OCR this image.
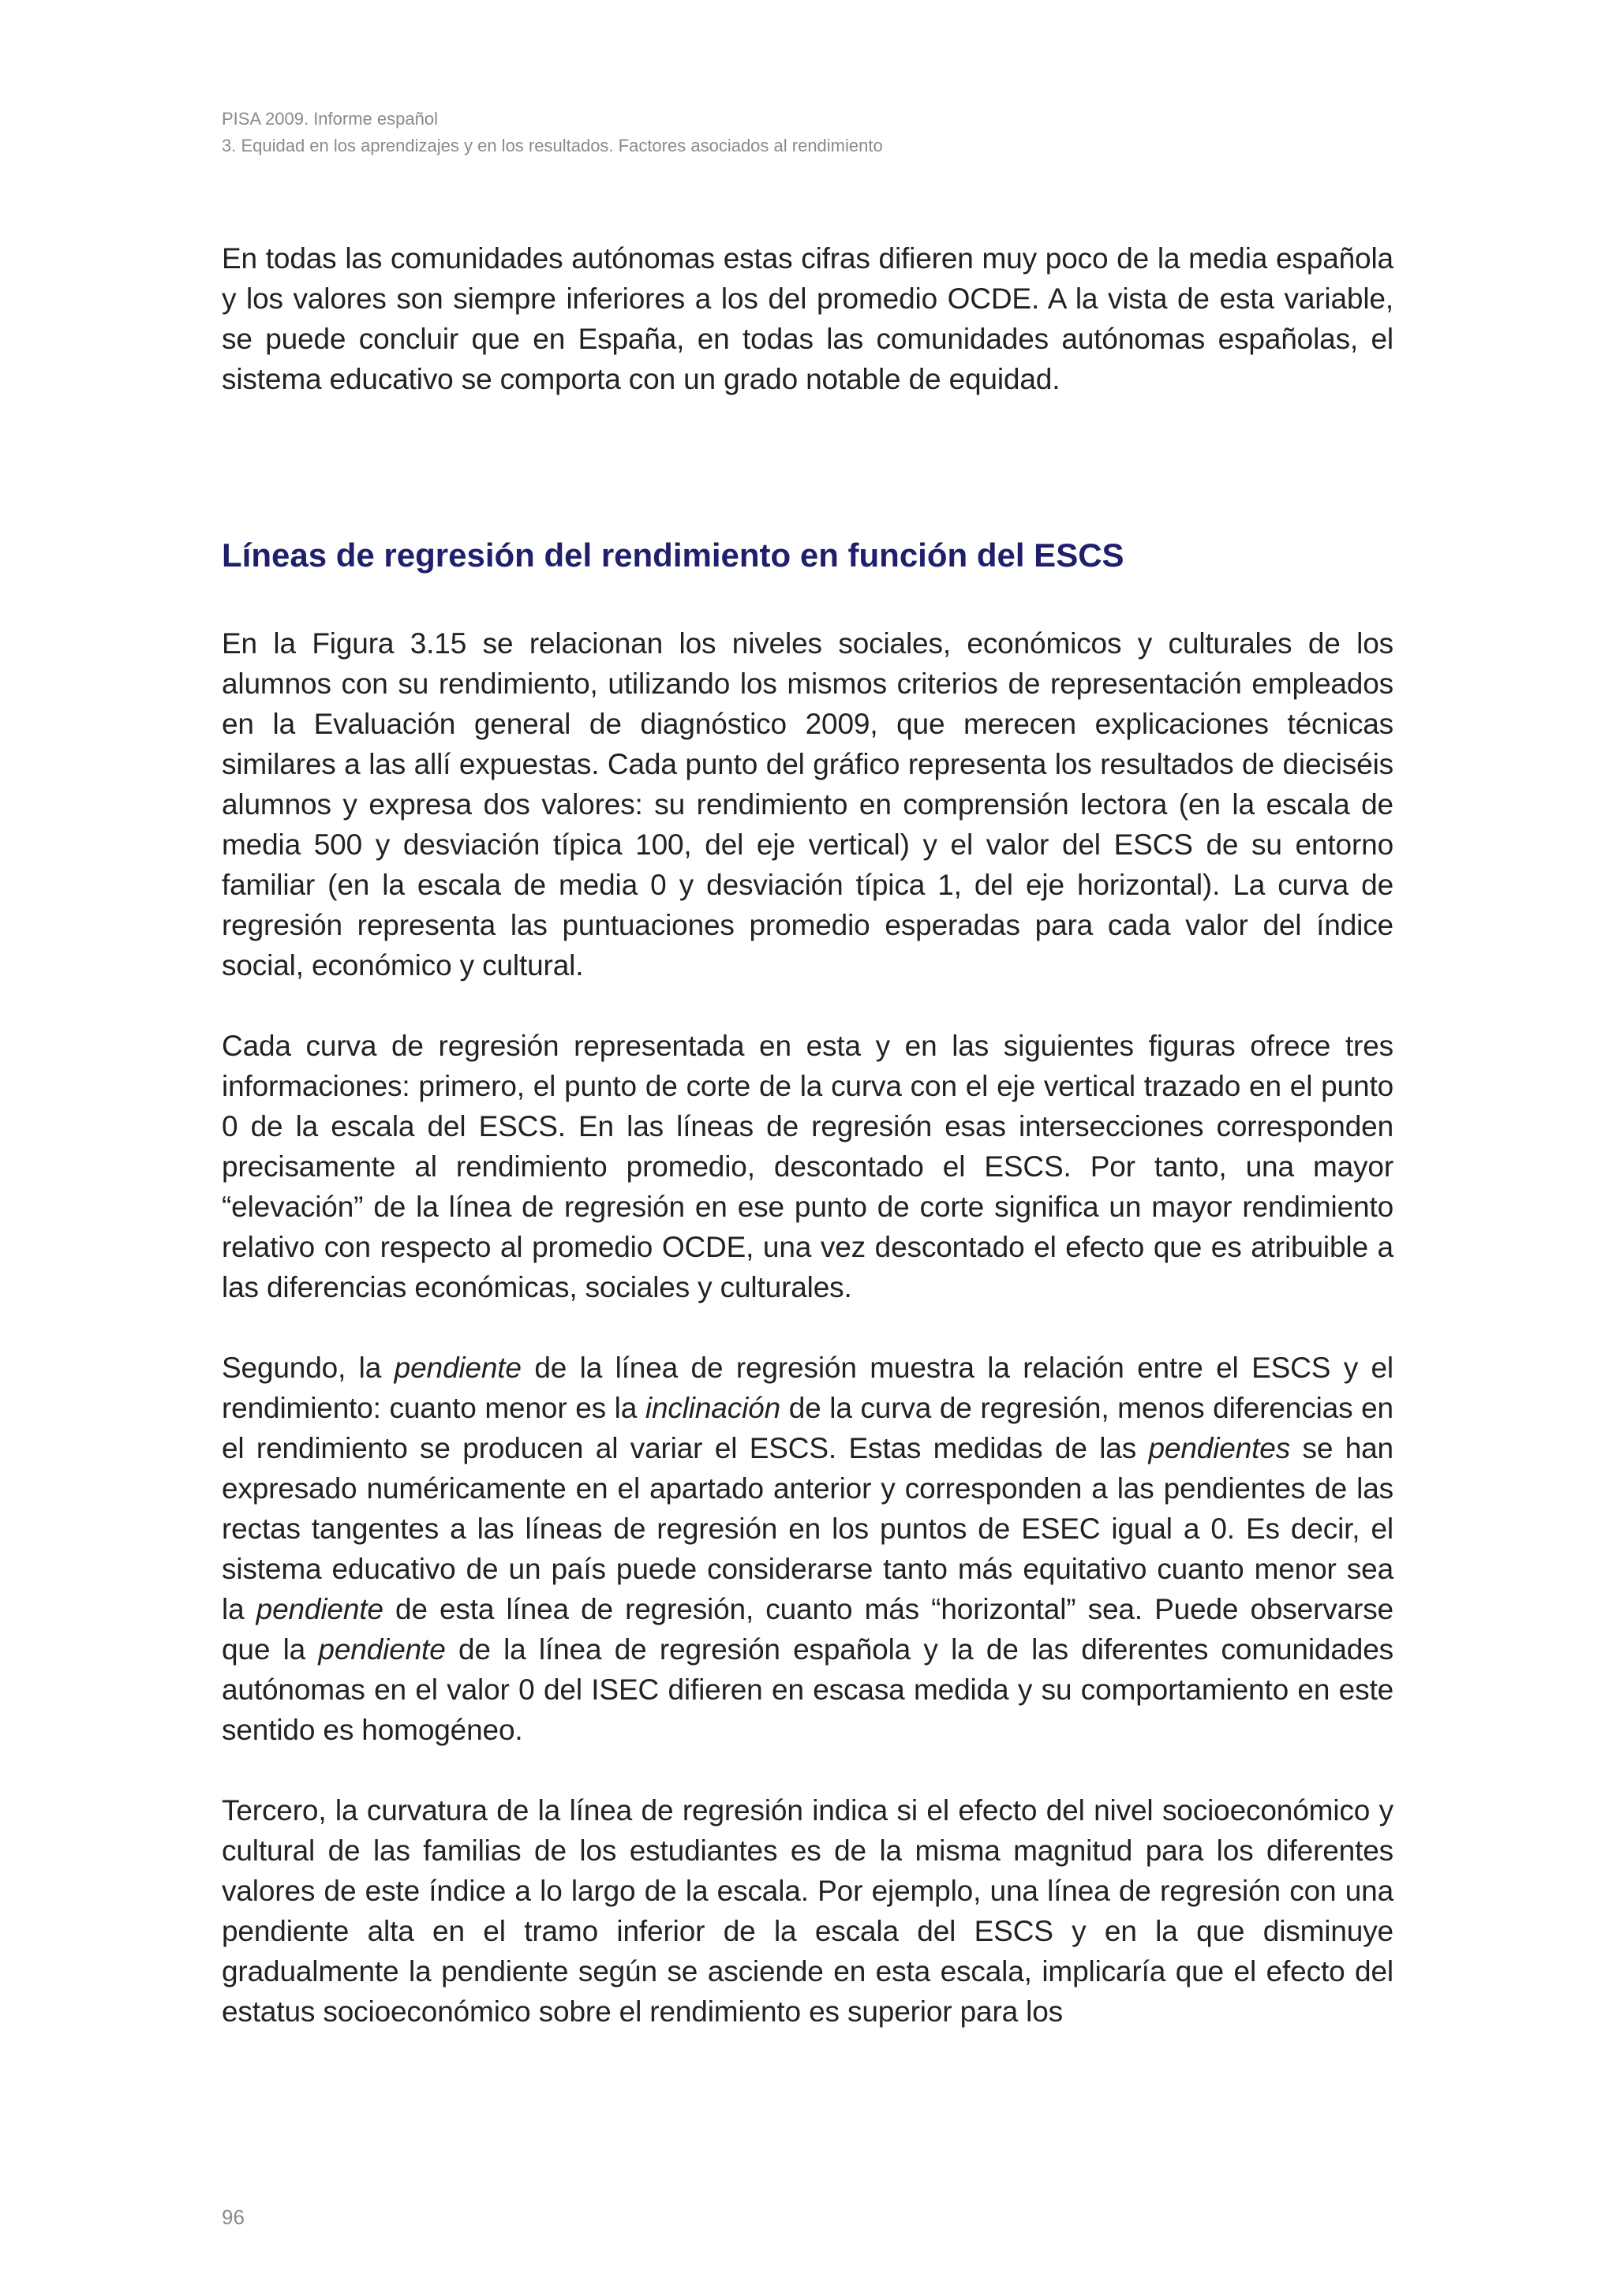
PISA 2009. Informe español
3. Equidad en los aprendizajes y en los resultados. Factores asociados al rendimiento

En todas las comunidades autónomas estas cifras difieren muy poco de la media española y los valores son siempre inferiores a los del promedio OCDE. A la vista de esta variable, se puede concluir que en España, en todas las comunidades autónomas españolas, el sistema educativo se comporta con un grado notable de equidad.

Líneas de regresión del rendimiento en función del ESCS

En la Figura 3.15 se relacionan los niveles sociales, económicos y culturales de los alumnos con su rendimiento, utilizando los mismos criterios de representación empleados en la Evaluación general de diagnóstico 2009, que merecen explicaciones técnicas similares a las allí expuestas. Cada punto del gráfico representa los resultados de dieciséis alumnos y expresa dos valores: su rendimiento en comprensión lectora (en la escala de media 500 y desviación típica 100, del eje vertical) y el valor del ESCS de su entorno familiar (en la escala de media 0 y desviación típica 1, del eje horizontal). La curva de regresión representa las puntuaciones promedio esperadas para cada valor del índice social, económico y cultural.

Cada curva de regresión representada en esta y en las siguientes figuras ofrece tres informaciones: primero, el punto de corte de la curva con el eje vertical trazado en el punto 0 de la escala del ESCS. En las líneas de regresión esas intersecciones corresponden precisamente al rendimiento promedio, descontado el ESCS. Por tanto, una mayor “elevación” de la línea de regresión en ese punto de corte significa un mayor rendimiento relativo con respecto al promedio OCDE, una vez descontado el efecto que es atribuible a las diferencias económicas, sociales y culturales.

Segundo, la pendiente de la línea de regresión muestra la relación entre el ESCS y el rendimiento: cuanto menor es la inclinación de la curva de regresión, menos diferencias en el rendimiento se producen al variar el ESCS. Estas medidas de las pendientes se han expresado numéricamente en el apartado anterior y corresponden a las pendientes de las rectas tangentes a las líneas de regresión en los puntos de ESEC igual a 0. Es decir, el sistema educativo de un país puede considerarse tanto más equitativo cuanto menor sea la pendiente de esta línea de regresión, cuanto más “horizontal” sea. Puede observarse que la pendiente de la línea de regresión española y la de las diferentes comunidades autónomas en el valor 0 del ISEC difieren en escasa medida y su comportamiento en este sentido es homogéneo.

Tercero, la curvatura de la línea de regresión indica si el efecto del nivel socioeconómico y cultural de las familias de los estudiantes es de la misma magnitud para los diferentes valores de este índice a lo largo de la escala. Por ejemplo, una línea de regresión con una pendiente alta en el tramo inferior de la escala del ESCS y en la que disminuye gradualmente la pendiente según se asciende en esta escala, implicaría que el efecto del estatus socioeconómico sobre el rendimiento es superior para los

96
